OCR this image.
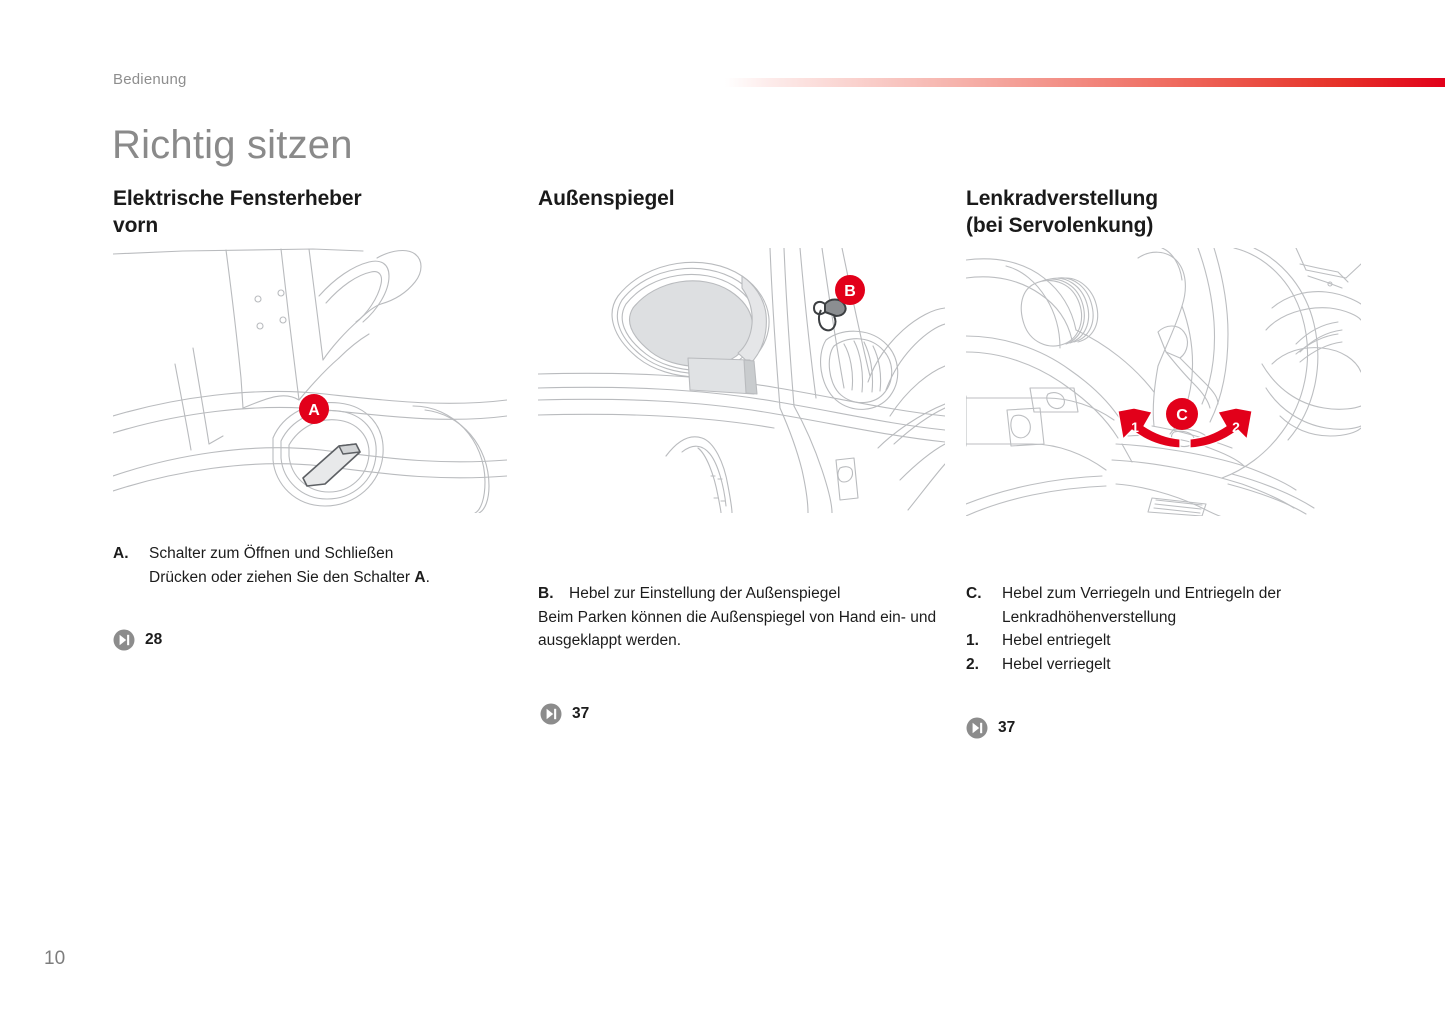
Bedienung
Richtig sitzen
Elektrische Fensterheber
vorn
A
A.	Schalter zum Öffnen und Schließen
Drücken oder ziehen Sie den Schalter A.
28
Außenspiegel
B
B.	Hebel zur Einstellung der Außenspiegel
Beim Parken können die Außenspiegel von Hand ein- und ausgeklappt werden.
37
Lenkradverstellung
(bei Servolenkung)
1	2
C
C.	Hebel zum Verriegeln und Entriegeln der
Lenkradhöhenverstellung
1.	Hebel entriegelt
2.	Hebel verriegelt
37
10
